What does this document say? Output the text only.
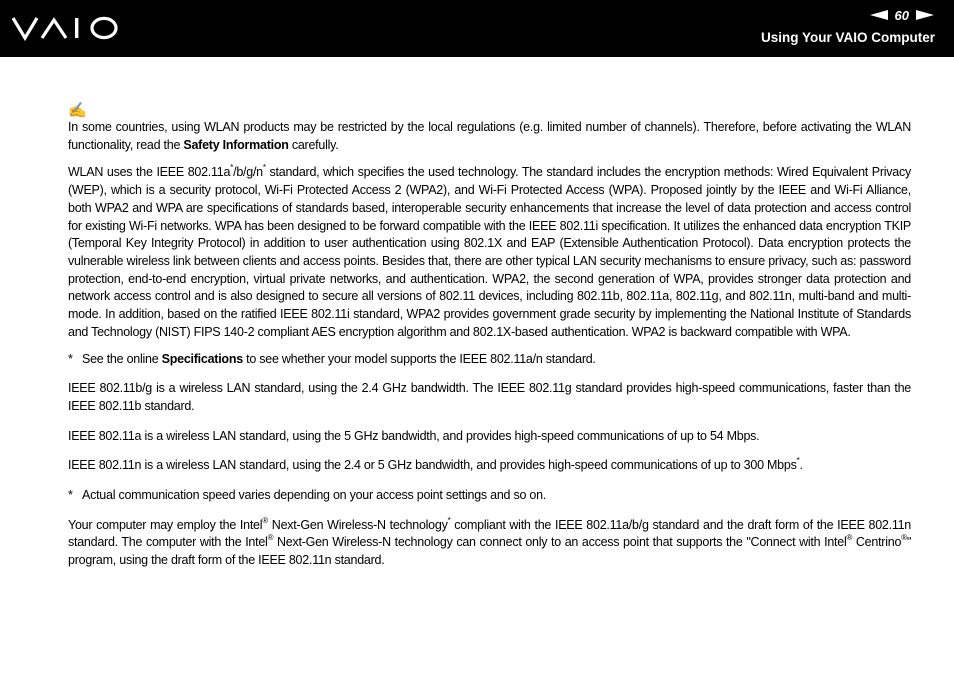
60
Using Your VAIO Computer
✍

In some countries, using WLAN products may be restricted by the local regulations (e.g. limited number of channels). Therefore, before activating the WLAN functionality, read the Safety Information carefully.

WLAN uses the IEEE 802.11a*/b/g/n* standard, which specifies the used technology. The standard includes the encryption methods: Wired Equivalent Privacy (WEP), which is a security protocol, Wi-Fi Protected Access 2 (WPA2), and Wi-Fi Protected Access (WPA). Proposed jointly by the IEEE and Wi-Fi Alliance, both WPA2 and WPA are specifications of standards based, interoperable security enhancements that increase the level of data protection and access control for existing Wi-Fi networks. WPA has been designed to be forward compatible with the IEEE 802.11i specification. It utilizes the enhanced data encryption TKIP (Temporal Key Integrity Protocol) in addition to user authentication using 802.1X and EAP (Extensible Authentication Protocol). Data encryption protects the vulnerable wireless link between clients and access points. Besides that, there are other typical LAN security mechanisms to ensure privacy, such as: password protection, end-to-end encryption, virtual private networks, and authentication. WPA2, the second generation of WPA, provides stronger data protection and network access control and is also designed to secure all versions of 802.11 devices, including 802.11b, 802.11a, 802.11g, and 802.11n, multi-band and multi-mode. In addition, based on the ratified IEEE 802.11i standard, WPA2 provides government grade security by implementing the National Institute of Standards and Technology (NIST) FIPS 140-2 compliant AES encryption algorithm and 802.1X-based authentication. WPA2 is backward compatible with WPA.

* See the online Specifications to see whether your model supports the IEEE 802.11a/n standard.

IEEE 802.11b/g is a wireless LAN standard, using the 2.4 GHz bandwidth. The IEEE 802.11g standard provides high-speed communications, faster than the IEEE 802.11b standard.

IEEE 802.11a is a wireless LAN standard, using the 5 GHz bandwidth, and provides high-speed communications of up to 54 Mbps.

IEEE 802.11n is a wireless LAN standard, using the 2.4 or 5 GHz bandwidth, and provides high-speed communications of up to 300 Mbps*.

* Actual communication speed varies depending on your access point settings and so on.

Your computer may employ the Intel® Next-Gen Wireless-N technology* compliant with the IEEE 802.11a/b/g standard and the draft form of the IEEE 802.11n standard. The computer with the Intel® Next-Gen Wireless-N technology can connect only to an access point that supports the "Connect with Intel® Centrino®" program, using the draft form of the IEEE 802.11n standard.
